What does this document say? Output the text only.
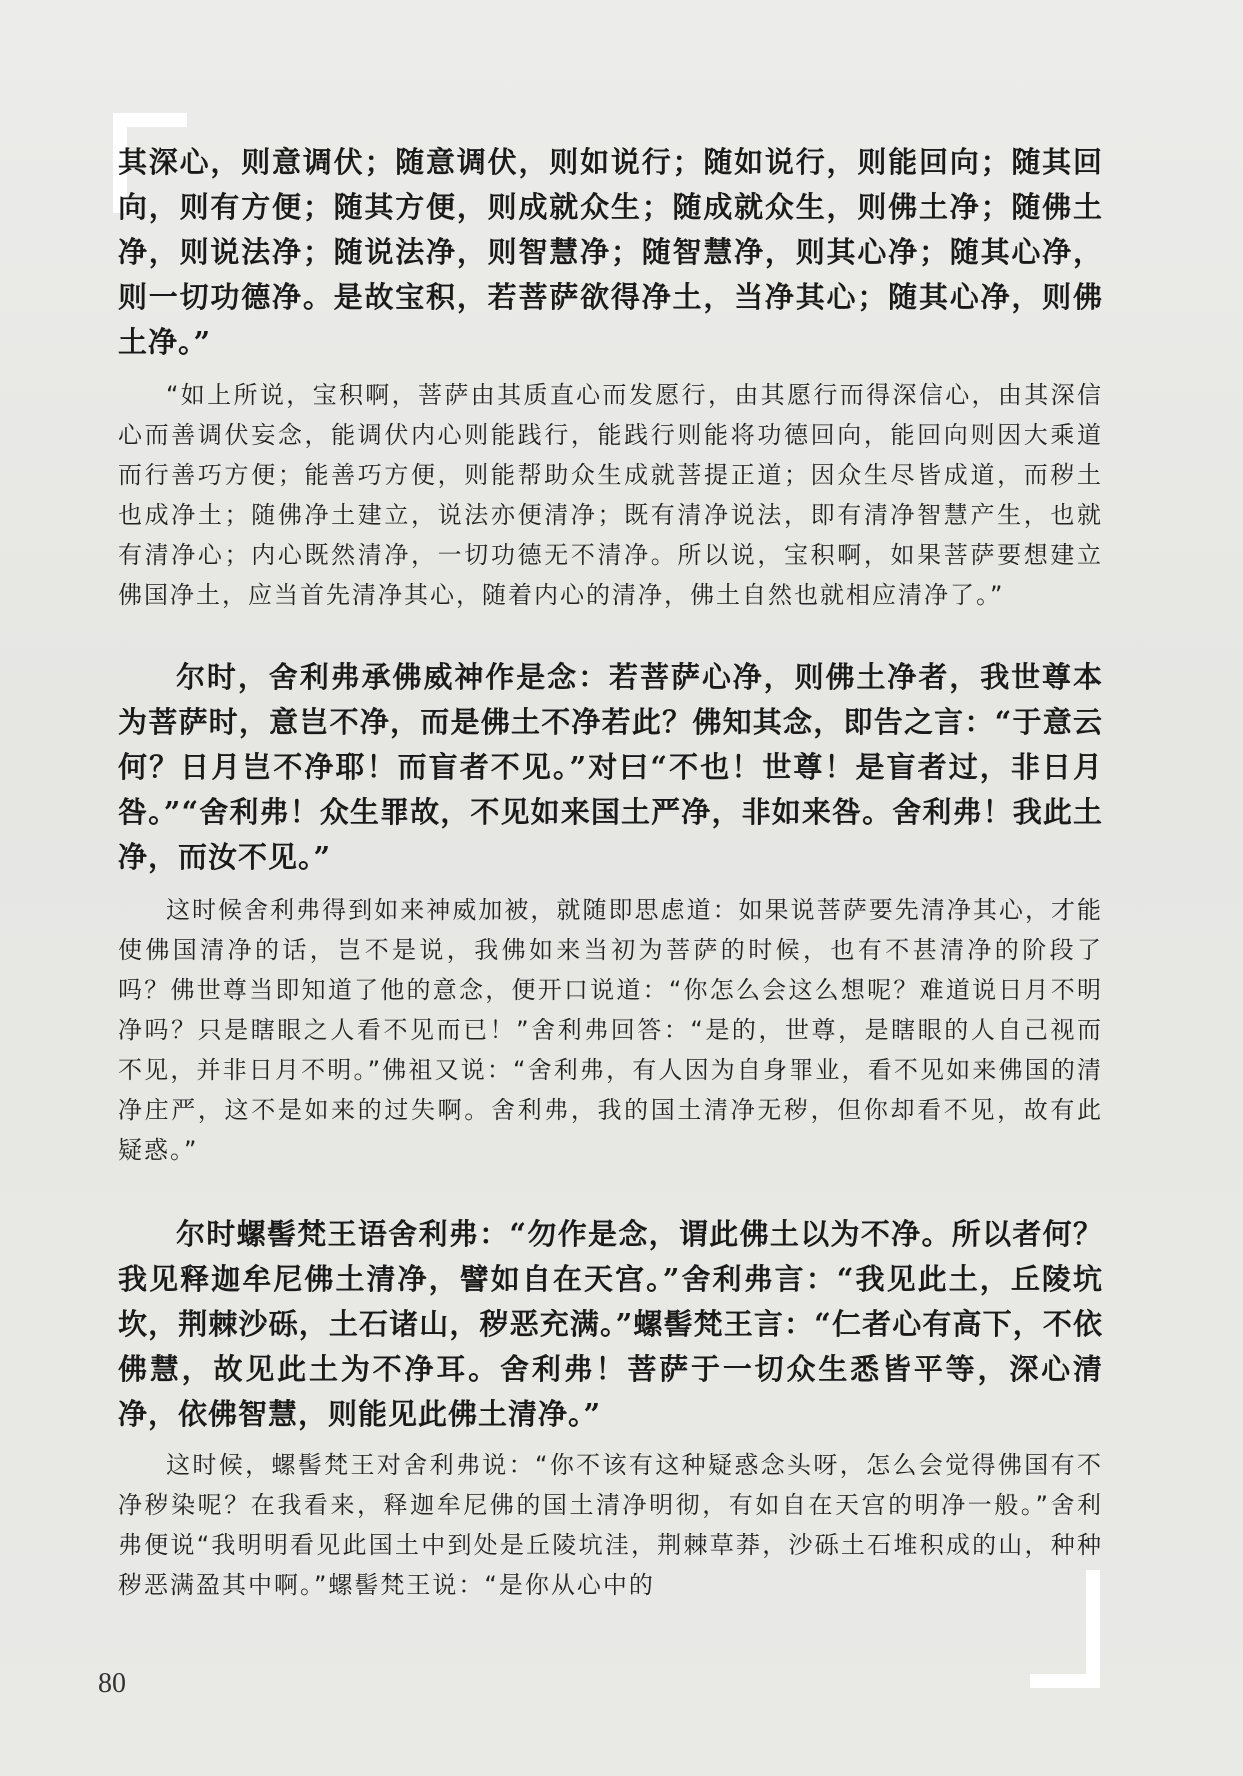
其深心，则意调伏；随意调伏，则如说行；随如说行，则能回向；随其回向，则有方便；随其方便，则成就众生；随成就众生，则佛土净；随佛土净，则说法净；随说法净，则智慧净；随智慧净，则其心净；随其心净，则一切功德净。是故宝积，若菩萨欲得净土，当净其心；随其心净，则佛土净。”

“如上所说，宝积啊，菩萨由其质直心而发愿行，由其愿行而得深信心，由其深信心而善调伏妄念，能调伏内心则能践行，能践行则能将功德回向，能回向则因大乘道而行善巧方便；能善巧方便，则能帮助众生成就菩提正道；因众生尽皆成道，而秽土也成净土；随佛净土建立，说法亦便清净；既有清净说法，即有清净智慧产生，也就有清净心；内心既然清净，一切功德无不清净。所以说，宝积啊，如果菩萨要想建立佛国净土，应当首先清净其心，随着内心的清净，佛土自然也就相应清净了。”

尔时，舍利弗承佛威神作是念：若菩萨心净，则佛土净者，我世尊本为菩萨时，意岂不净，而是佛土不净若此？佛知其念，即告之言：“于意云何？日月岂不净耶！而盲者不见。”对曰“不也！世尊！是盲者过，非日月咎。”“舍利弗！众生罪故，不见如来国土严净，非如来咎。舍利弗！我此土净，而汝不见。”

这时候舍利弗得到如来神威加被，就随即思虑道：如果说菩萨要先清净其心，才能使佛国清净的话，岂不是说，我佛如来当初为菩萨的时候，也有不甚清净的阶段了吗？佛世尊当即知道了他的意念，便开口说道：“你怎么会这么想呢？难道说日月不明净吗？只是瞎眼之人看不见而已！”舍利弗回答：“是的，世尊，是瞎眼的人自己视而不见，并非日月不明。”佛祖又说：“舍利弗，有人因为自身罪业，看不见如来佛国的清净庄严，这不是如来的过失啊。舍利弗，我的国土清净无秽，但你却看不见，故有此疑惑。”

尔时螺髻梵王语舍利弗：“勿作是念，谓此佛土以为不净。所以者何？我见释迦牟尼佛土清净，譬如自在天宫。”舍利弗言：“我见此土，丘陵坑坎，荆棘沙砾，土石诸山，秽恶充满。”螺髻梵王言：“仁者心有高下，不依佛慧，故见此土为不净耳。舍利弗！菩萨于一切众生悉皆平等，深心清净，依佛智慧，则能见此佛土清净。”

这时候，螺髻梵王对舍利弗说：“你不该有这种疑惑念头呀，怎么会觉得佛国有不净秽染呢？在我看来，释迦牟尼佛的国土清净明彻，有如自在天宫的明净一般。”舍利弗便说“我明明看见此国土中到处是丘陵坑洼，荆棘草莽，沙砾土石堆积成的山，种种秽恶满盈其中啊。”螺髻梵王说：“是你从心中的

80
